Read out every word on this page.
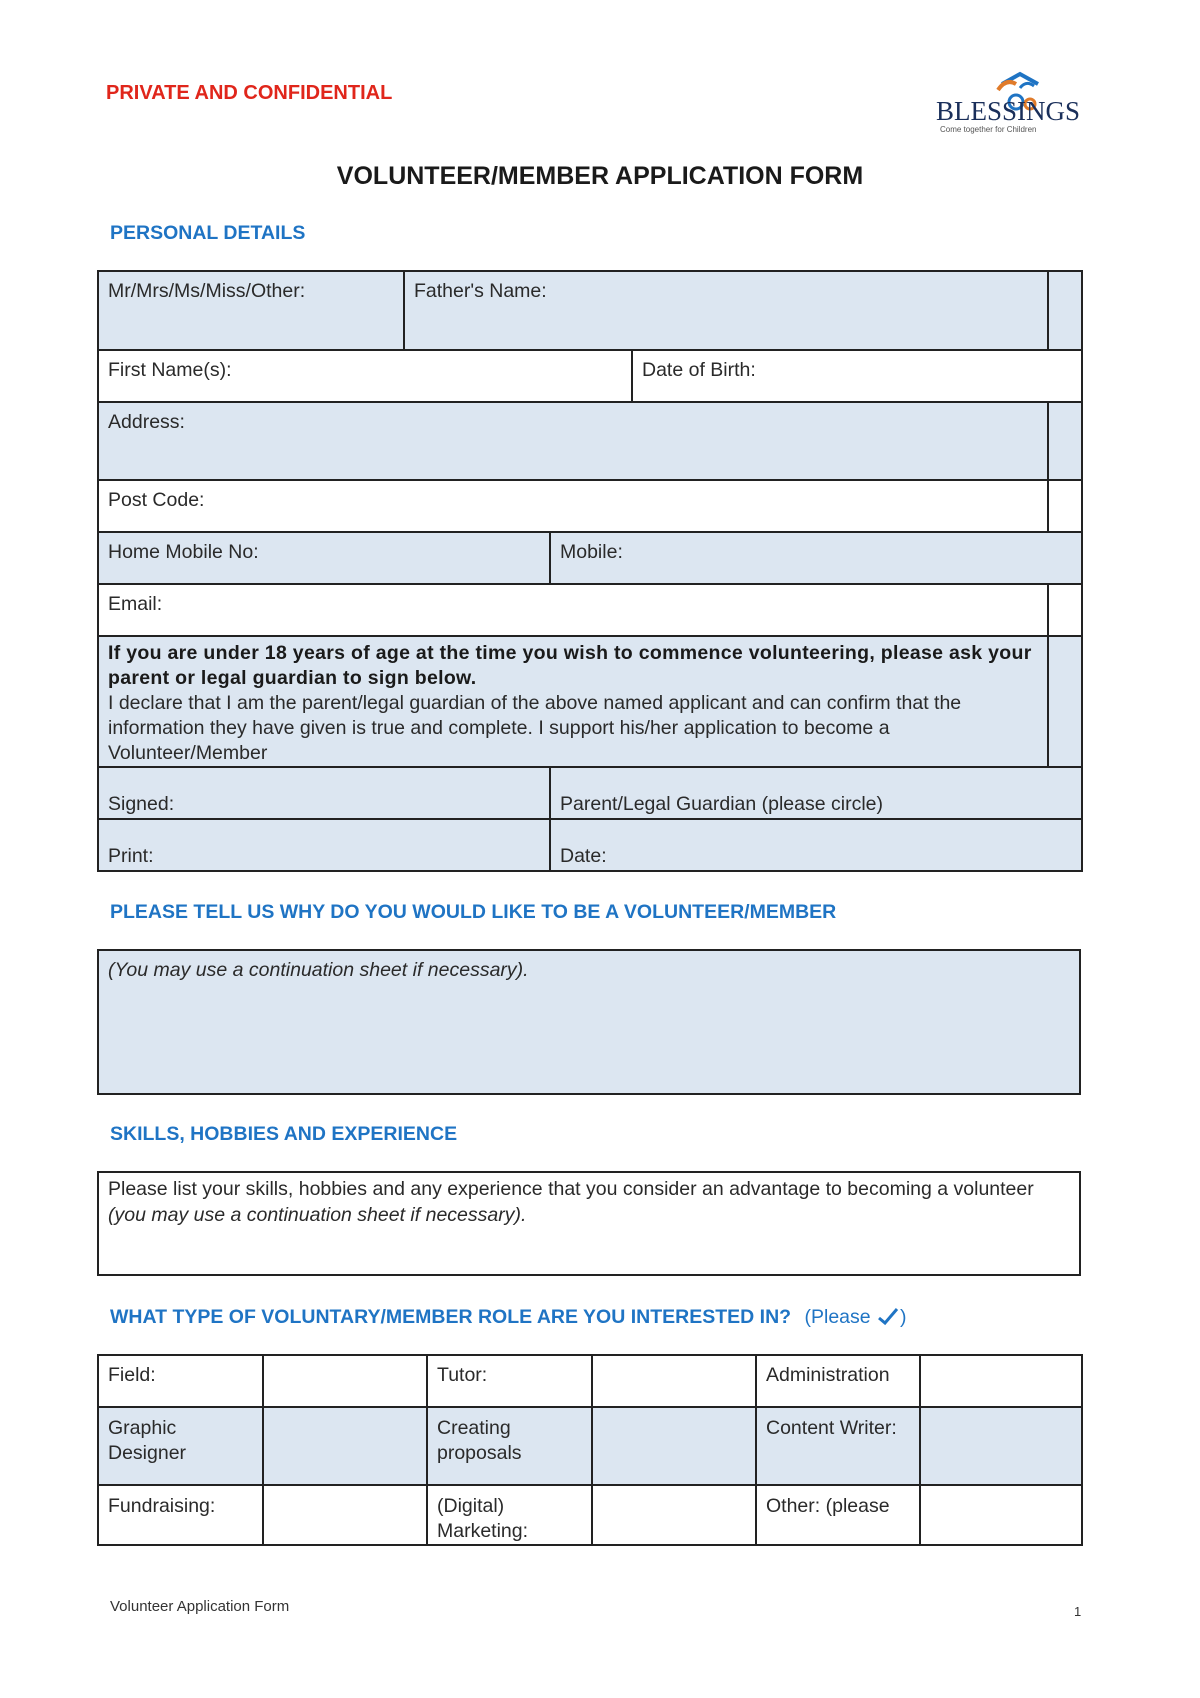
PRIVATE AND CONFIDENTIAL
BLESSINGS
Come together for Children
VOLUNTEER/MEMBER APPLICATION FORM
PERSONAL DETAILS
Mr/Mrs/Ms/Miss/Other:	Father's Name:			
First Name(s):			Date of Birth:	
Address:				
Post Code:				
Home Mobile No:		Mobile:		
Email:				

If you are under 18 years of age at the time you wish to commence volunteering, please ask your parent or legal guardian to sign below.
I declare that I am the parent/legal guardian of the above named applicant and can confirm that the information they have given is true and complete. I support his/her application to become a Volunteer/Member				

Signed:		Parent/Legal Guardian (please circle)		
Print:		Date:		
PLEASE TELL US WHY DO YOU WOULD LIKE TO BE A VOLUNTEER/MEMBER
(You may use a continuation sheet if necessary).
SKILLS, HOBBIES AND EXPERIENCE
Please list your skills, hobbies and any experience that you consider an advantage to becoming a volunteer (you may use a continuation sheet if necessary).
WHAT TYPE OF VOLUNTARY/MEMBER ROLE ARE YOU INTERESTED IN? (Please )
Field:		Tutor:		Administration	
Graphic Designer		Creating proposals		Content Writer:	
Fundraising:		(Digital) Marketing:		Other: (please	
Volunteer Application Form	1
